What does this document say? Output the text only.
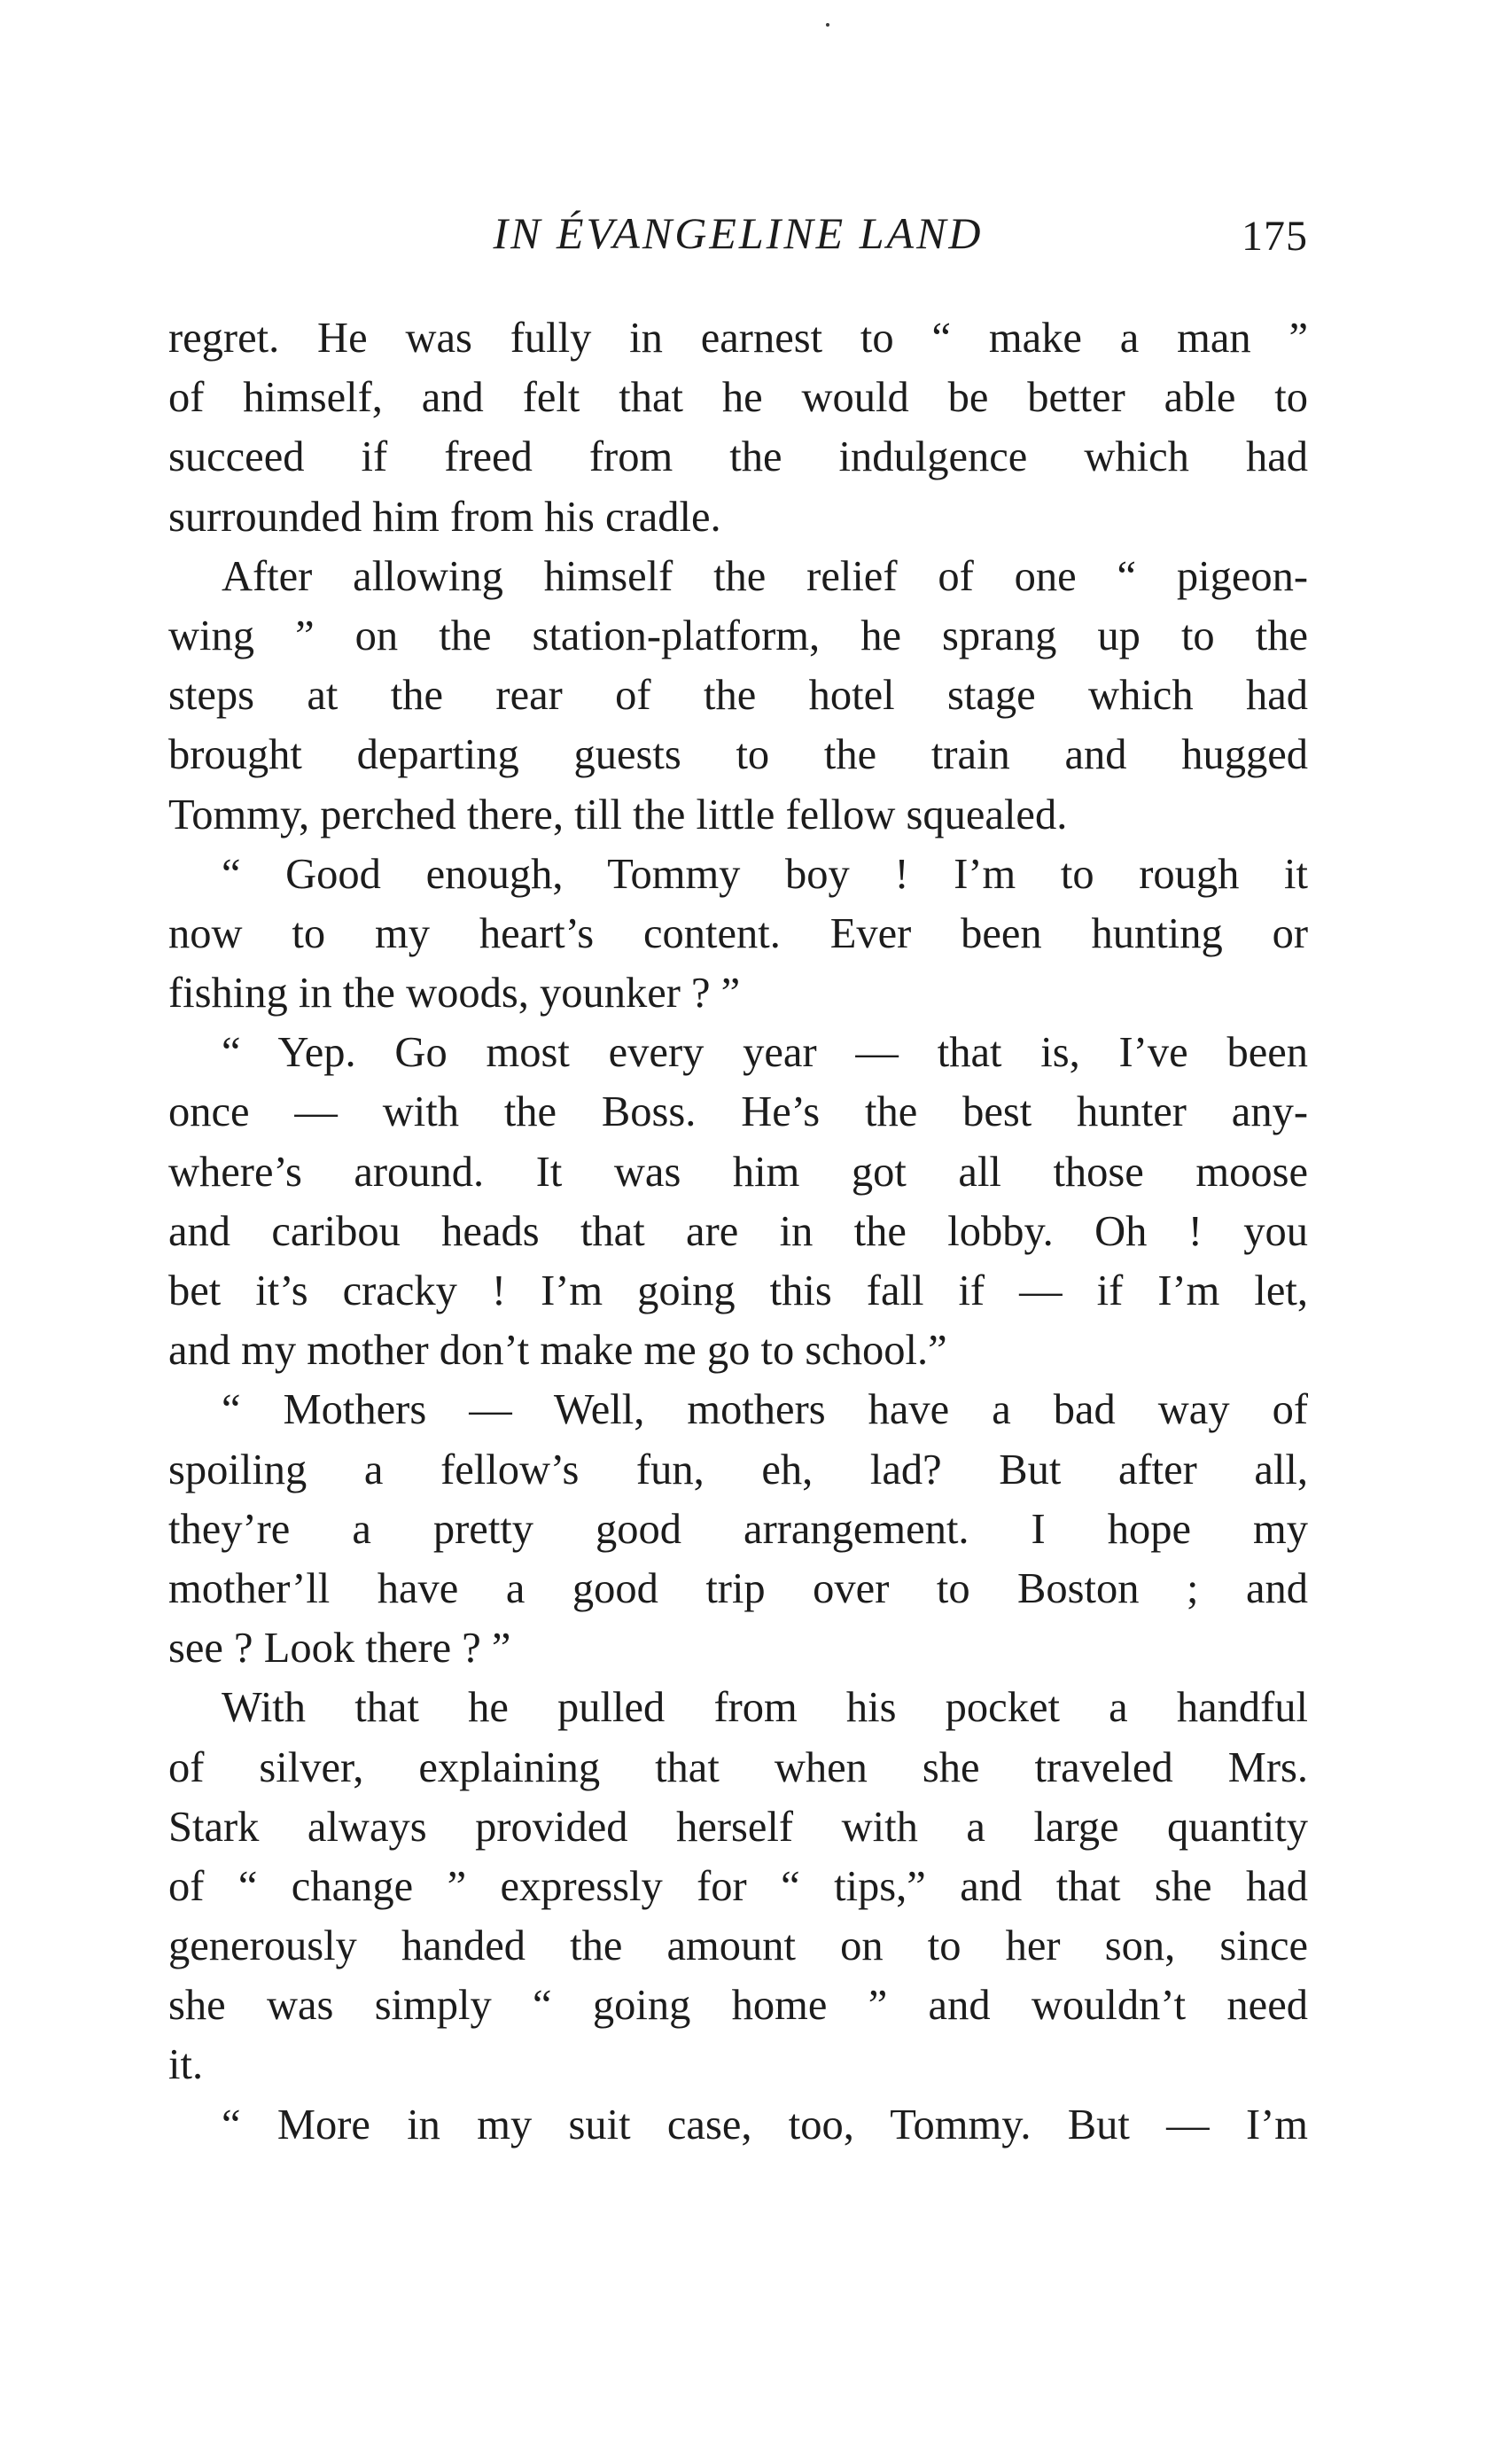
IN ÉVANGELINE LAND	175
regret. He was fully in earnest to “ make a man ”
of himself, and felt that he would be better able to
succeed if freed from the indulgence which had
surrounded him from his cradle.
After allowing himself the relief of one “ pigeon-
wing ” on the station-platform, he sprang up to the
steps at the rear of the hotel stage which had
brought departing guests to the train and hugged
Tommy, perched there, till the little fellow squealed.
“ Good enough, Tommy boy ! I’m to rough it
now to my heart’s content. Ever been hunting or
fishing in the woods, younker ? ”
“ Yep. Go most every year — that is, I’ve been
once — with the Boss. He’s the best hunter any-
where’s around. It was him got all those moose
and caribou heads that are in the lobby. Oh ! you
bet it’s cracky ! I’m going this fall if — if I’m let,
and my mother don’t make me go to school.”
“ Mothers — Well, mothers have a bad way of
spoiling a fellow’s fun, eh, lad? But after all,
they’re a pretty good arrangement. I hope my
mother’ll have a good trip over to Boston ; and
see ? Look there ? ”
With that he pulled from his pocket a handful
of silver, explaining that when she traveled Mrs.
Stark always provided herself with a large quantity
of “ change ” expressly for “ tips,” and that she had
generously handed the amount on to her son, since
she was simply “ going home ” and wouldn’t need
it.
“ More in my suit case, too, Tommy. But — I’m
